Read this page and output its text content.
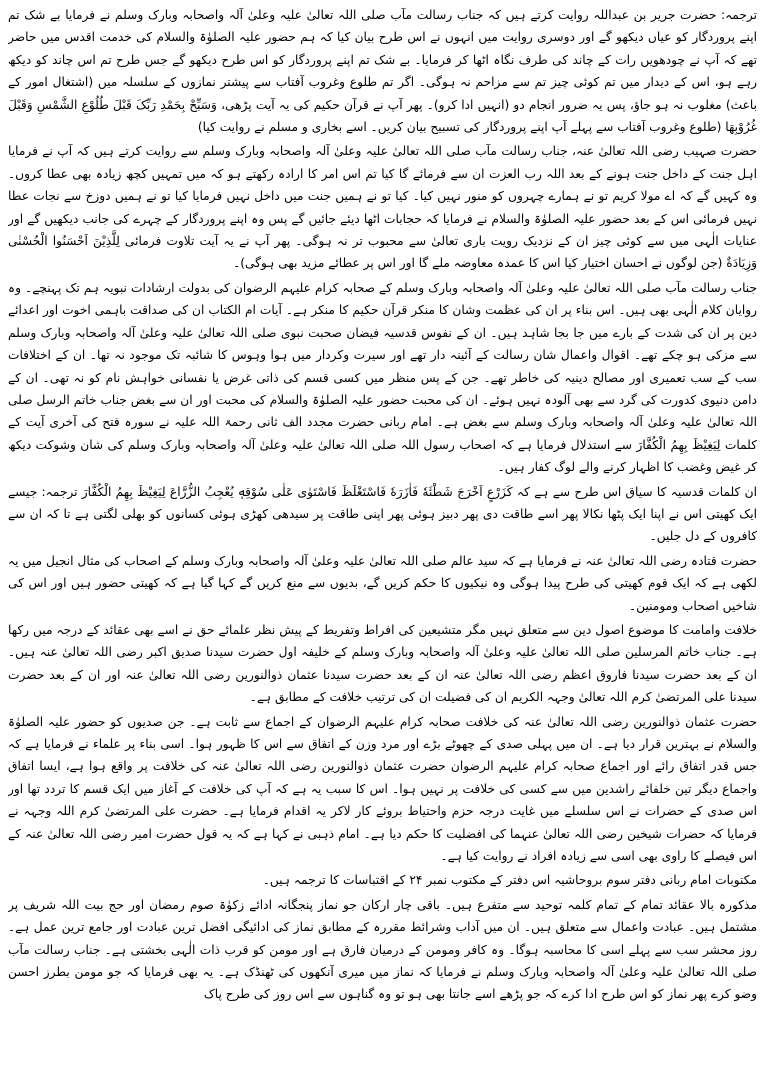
ترجمہ: حضرت جریر بن عبداللہ روایت کرتے ہیں کہ جناب رسالت مآب صلی اللہ تعالیٰ علیہ وعلیٰ آلہ واصحابہ وبارک وسلم نے فرمایا بے شک تم اپنے پروردگار کو عیاں دیکھو گے اور دوسری روایت میں انہوں نے اس طرح بیان کیا کہ ہم حضور علیہ الصلوٰۃ والسلام کی خدمت اقدس میں حاضر تھے کہ آپ نے چودھویں رات کے چاند کی طرف نگاہ اٹھا کر فرمایا۔ بے شک تم اپنے پروردگار کو اس طرح دیکھو گے جس طرح تم اس چاند کو دیکھ رہے ہو، اس کے دیدار میں تم کوئی چیز تم سے مزاحم نہ ہوگی۔ اگر تم طلوع وغروب آفتاب سے پیشتر نمازوں کے سلسلہ میں (اشتغال امور کے باعث) مغلوب نہ ہو جاؤ، پس یہ ضرور انجام دو (انہیں ادا کرو)۔ پھر آپ نے قرآن حکیم کی یہ آیت پڑھی، وَسَبِّحْ بِحَمْدِ رَبِّکَ قَبْلَ طُلُوْعِ الشَّمْسِ وَقَبْلَ غُرُوْبِهَا (طلوع وغروب آفتاب سے پہلے آپ اپنے پروردگار کی تسبیح بیان کریں۔ اسے بخاری و مسلم نے روایت کیا)

حضرت صہیب رضی اللہ تعالیٰ عنہ، جناب رسالت مآب صلی اللہ تعالیٰ علیہ وعلیٰ آلہ واصحابہ وبارک وسلم سے روایت کرتے ہیں کہ آپ نے فرمایا اہل جنت کے داخل جنت ہونے کے بعد اللہ رب العزت ان سے فرمائے گا کیا تم اس امر کا ارادہ رکھتے ہو کہ میں تمہیں کچھ زیادہ بھی عطا کروں۔ وہ کہیں گے کہ اے مولا کریم تو نے ہمارے چہروں کو منور نہیں کیا۔ کیا تو نے ہمیں جنت میں داخل نہیں فرمایا کیا تو نے ہمیں دوزخ سے نجات عطا نہیں فرمائی اس کے بعد حضور علیہ الصلوٰۃ والسلام نے فرمایا کہ حجابات اٹھا دیئے جائیں گے پس وہ اپنے پروردگار کے چہرے کی جانب دیکھیں گے اور عنایات الٰہی میں سے کوئی چیز ان کے نزدیک رویت باری تعالیٰ سے محبوب تر نہ ہوگی۔ پھر آپ نے یہ آیت تلاوت فرمائی لِلَّذِيْنَ اَحْسَنُوا الْحُسْنٰى وَزِيَادَةٌ (جن لوگوں نے احسان اختیار کیا اس کا عمدہ معاوضہ ملے گا اور اس پر عطائے مزید بھی ہوگی)۔

جناب رسالت مآب صلی اللہ تعالیٰ علیہ وعلیٰ آلہ واصحابہ وبارک وسلم کے صحابہ کرام علیہم الرضوان کی بدولت ارشادات نبویہ ہم تک پہنچے۔ وہ روایان کلام الٰہی بھی ہیں۔ اس بناء پر ان کی عظمت وشان کا منکر قرآن حکیم کا منکر ہے۔ آیات ام الکتاب ان کی صداقت باہمی اخوت اور اعدائے دین پر ان کی شدت کے بارے میں جا بجا شاہد ہیں۔ ان کے نفوس قدسیہ فیضان صحبت نبوی صلی اللہ تعالیٰ علیہ وعلیٰ آلہ واصحابہ وبارک وسلم سے مزکی ہو چکے تھے۔ اقوال واعمال شان رسالت کے آئینہ دار تھے اور سیرت وکردار میں ہوا وہوس کا شائبہ تک موجود نہ تھا۔ ان کے اختلافات سب کے سب تعمیری اور مصالح دینیہ کی خاطر تھے۔ جن کے پس منظر میں کسی قسم کی ذاتی غرض یا نفسانی خواہش نام کو نہ تھی۔ ان کے دامن دنیوی کدورت کی گرد سے بھی آلودہ نہیں ہوئے۔ ان کی محبت حضور علیہ الصلوٰۃ والسلام کی محبت اور ان سے بغض جناب خاتم الرسل صلی اللہ تعالیٰ علیہ وعلیٰ آلہ واصحابہ وبارک وسلم سے بغض ہے۔ امام ربانی حضرت مجدد الف ثانی رحمۃ اللہ علیہ نے سورہ فتح کی آخری آیت کے کلمات لِيَغِيْظَ بِهِمُ الْكُفَّارَ سے استدلال فرمایا ہے کہ اصحاب رسول اللہ صلی اللہ تعالیٰ علیہ وعلیٰ آلہ واصحابہ وبارک وسلم کی شان وشوکت دیکھ کر غیض وغضب کا اظہار کرنے والے لوگ کفار ہیں۔

ان کلمات قدسیہ کا سیاق اس طرح سے ہے کہ كَزَرْعٍ اَخْرَجَ شَطْئَهٗ فَاٰزَرَهٗ فَاسْتَغْلَظَ فَاسْتَوٰى عَلٰى سُوْقِهٖ يُعْجِبُ الزُّرَّاعَ لِيَغِيْظَ بِهِمُ الْكُفَّارَ ترجمہ: جیسے ایک کھیتی اس نے اپنا ایک پٹھا نکالا پھر اسے طاقت دی پھر دبیز ہوئی پھر اپنی طاقت پر سیدھی کھڑی ہوئی کسانوں کو بھلی لگتی ہے تا کہ ان سے کافروں کے دل جلیں۔

حضرت قتادہ رضی اللہ تعالیٰ عنہ نے فرمایا ہے کہ سید عالم صلی اللہ تعالیٰ علیہ وعلیٰ آلہ واصحابہ وبارک وسلم کے اصحاب کی مثال انجیل میں یہ لکھی ہے کہ ایک قوم کھیتی کی طرح پیدا ہوگی وہ نیکیوں کا حکم کریں گے، بدیوں سے منع کریں گے کہا گیا ہے کہ کھیتی حضور ہیں اور اس کی شاخیں اصحاب ومومنین۔

خلافت وامامت کا موضوع اصول دین سے متعلق نہیں مگر متشیعین کی افراط وتفریط کے پیش نظر علمائے حق نے اسے بھی عقائد کے درجہ میں رکھا ہے۔ جناب خاتم المرسلین صلی اللہ تعالیٰ علیہ وعلیٰ آلہ واصحابہ وبارک وسلم کے خلیفہ اول حضرت سیدنا صدیق اکبر رضی اللہ تعالیٰ عنہ ہیں۔ ان کے بعد حضرت سیدنا فاروق اعظم رضی اللہ تعالیٰ عنہ ان کے بعد حضرت سیدنا عثمان ذوالنورین رضی اللہ تعالیٰ عنہ اور ان کے بعد حضرت سیدنا علی المرتضیٰ کرم اللہ تعالیٰ وجہہ الکریم ان کی فضیلت ان کی ترتیب خلافت کے مطابق ہے۔

حضرت عثمان ذوالنورین رضی اللہ تعالیٰ عنہ کی خلافت صحابہ کرام علیہم الرضوان کے اجماع سے ثابت ہے۔ جن صدیوں کو حضور علیہ الصلوٰۃ والسلام نے بہترین قرار دیا ہے۔ ان میں پہلی صدی کے چھوٹے بڑے اور مرد وزن کے اتفاق سے اس کا ظہور ہوا۔ اسی بناء پر علماء نے فرمایا ہے کہ جس قدر اتفاق رائے اور اجماع صحابہ کرام علیہم الرضوان حضرت عثمان ذوالنورین رضی اللہ تعالیٰ عنہ کی خلافت پر واقع ہوا ہے، ایسا اتفاق واجماع دیگر تین خلفائے راشدین میں سے کسی کی خلافت پر نہیں ہوا۔ اس کا سبب یہ ہے کہ آپ کی خلافت کے آغاز میں ایک قسم کا تردد تھا اور اس صدی کے حضرات نے اس سلسلے میں غایت درجہ حزم واحتیاط بروئے کار لاکر یہ اقدام فرمایا ہے۔ حضرت علی المرتضیٰ کرم اللہ وجہہ نے فرمایا کہ حضرات شیخین رضی اللہ تعالیٰ عنہما کی افضلیت کا حکم دیا ہے۔ امام ذہبی نے کہا ہے کہ یہ قول حضرت امیر رضی اللہ تعالیٰ عنہ کے اس فیصلے کا راوی بھی اسی سے زیادہ افراد نے روایت کیا ہے۔

مکتوبات امام ربانی دفتر سوم بروحاشیہ اس دفتر کے مکتوب نمبر ۲۴ کے اقتباسات کا ترجمہ ہیں۔

مذکورہ بالا عقائد تمام کے تمام کلمہ توحید سے متفرع ہیں۔ باقی چار ارکان جو نماز پنجگانہ ادائے زکوٰۃ صوم رمضان اور حج بیت اللہ شریف پر مشتمل ہیں۔ عبادت واعمال سے متعلق ہیں۔ ان میں آداب وشرائط مقررہ کے مطابق نماز کی ادائیگی افضل ترین عبادت اور جامع ترین عمل ہے۔ روز محشر سب سے پہلے اسی کا محاسبہ ہوگا۔ وہ کافر ومومن کے درمیان فارق ہے اور مومن کو قرب ذات الٰہی بخشتی ہے۔ جناب رسالت مآب صلی اللہ تعالیٰ علیہ وعلیٰ آلہ واصحابہ وبارک وسلم نے فرمایا کہ نماز میں میری آنکھوں کی ٹھنڈک ہے۔ یہ بھی فرمایا کہ جو مومن بطرز احسن وضو کرے پھر نماز کو اس طرح ادا کرے کہ جو پڑھے اسے جانتا بھی ہو تو وہ گناہوں سے اس روز کی طرح پاک
